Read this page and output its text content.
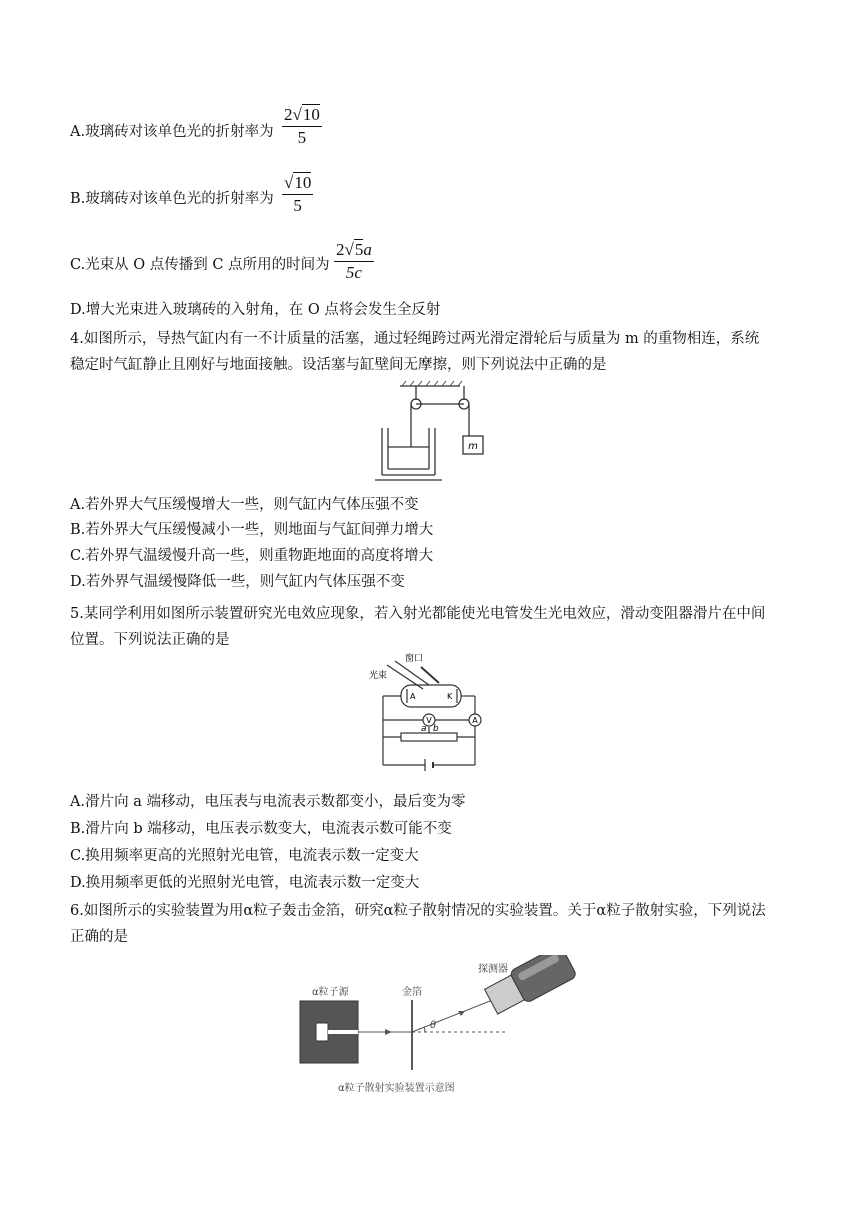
A.玻璃砖对该单色光的折射率为
2√10
5
B.玻璃砖对该单色光的折射率为
√10
5
C.光束从 O 点传播到 C 点所用的时间为
2√5a
5c
D.增大光束进入玻璃砖的入射角，在 O 点将会发生全反射
4.如图所示，导热气缸内有一不计质量的活塞，通过轻绳跨过两光滑定滑轮后与质量为 m 的重物相连，系统
稳定时气缸静止且刚好与地面接触。设活塞与缸壁间无摩擦，则下列说法中正确的是
m
A.若外界大气压缓慢增大一些，则气缸内气体压强不变
B.若外界大气压缓慢减小一些，则地面与气缸间弹力增大
C.若外界气温缓慢升高一些，则重物距地面的高度将增大
D.若外界气温缓慢降低一些，则气缸内气体压强不变
5.某同学利用如图所示装置研究光电效应现象，若入射光都能使光电管发生光电效应，滑动变阻器滑片在中间
位置。下列说法正确的是
窗口
光束
A	K
V	A
a b
A.滑片向 a 端移动，电压表与电流表示数都变小，最后变为零
B.滑片向 b 端移动，电压表示数变大，电流表示数可能不变
C.换用频率更高的光照射光电管，电流表示数一定变大
D.换用频率更低的光照射光电管，电流表示数一定变大
6.如图所示的实验装置为用α粒子轰击金箔，研究α粒子散射情况的实验装置。关于α粒子散射实验，下列说法
正确的是
α粒子源	金箔
探测器
θ
α粒子散射实验装置示意图
